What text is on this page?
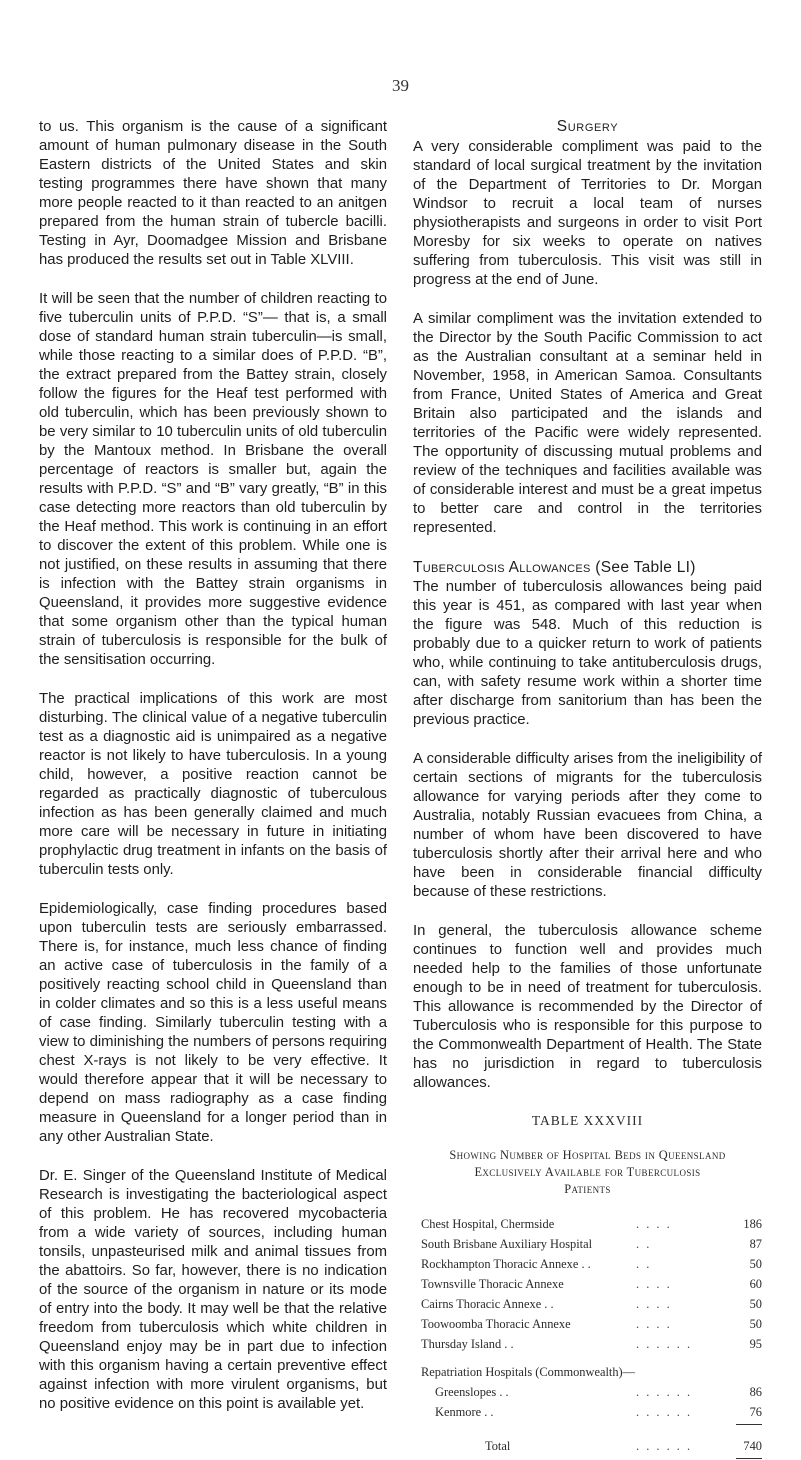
39

to us. This organism is the cause of a significant amount of human pulmonary disease in the South Eastern districts of the United States and skin testing programmes there have shown that many more people reacted to it than reacted to an anitgen prepared from the human strain of tubercle bacilli. Testing in Ayr, Doomadgee Mission and Brisbane has produced the results set out in Table XLVIII.

It will be seen that the number of children reacting to five tuberculin units of P.P.D. “S”— that is, a small dose of standard human strain tuberculin—is small, while those reacting to a similar does of P.P.D. “B”, the extract prepared from the Battey strain, closely follow the figures for the Heaf test performed with old tuberculin, which has been previously shown to be very similar to 10 tuberculin units of old tuberculin by the Mantoux method. In Brisbane the overall percentage of reactors is smaller but, again the results with P.P.D. “S” and “B” vary greatly, “B” in this case detecting more reactors than old tuberculin by the Heaf method. This work is continuing in an effort to discover the extent of this problem. While one is not justified, on these results in assuming that there is infection with the Battey strain organisms in Queensland, it provides more suggestive evidence that some organism other than the typical human strain of tuberculosis is responsible for the bulk of the sensitisation occurring.

The practical implications of this work are most disturbing. The clinical value of a negative tuberculin test as a diagnostic aid is unimpaired as a negative reactor is not likely to have tuberculosis. In a young child, however, a positive reaction cannot be regarded as practically diagnostic of tuberculous infection as has been generally claimed and much more care will be necessary in future in initiating prophylactic drug treatment in infants on the basis of tuberculin tests only.

Epidemiologically, case finding procedures based upon tuberculin tests are seriously embarrassed. There is, for instance, much less chance of finding an active case of tuberculosis in the family of a positively reacting school child in Queensland than in colder climates and so this is a less useful means of case finding. Similarly tuberculin testing with a view to diminishing the numbers of persons requiring chest X-rays is not likely to be very effective. It would therefore appear that it will be necessary to depend on mass radiography as a case finding measure in Queensland for a longer period than in any other Australian State.

Dr. E. Singer of the Queensland Institute of Medical Research is investigating the bacteriological aspect of this problem. He has recovered mycobacteria from a wide variety of sources, including human tonsils, unpasteurised milk and animal tissues from the abattoirs. So far, however, there is no indication of the source of the organism in nature or its mode of entry into the body. It may well be that the relative freedom from tuberculosis which white children in Queensland enjoy may be in part due to infection with this organism having a certain preventive effect against infection with more virulent organisms, but no positive evidence on this point is available yet.

Surgery

A very considerable compliment was paid to the standard of local surgical treatment by the invitation of the Department of Territories to Dr. Morgan Windsor to recruit a local team of nurses physiotherapists and surgeons in order to visit Port Moresby for six weeks to operate on natives suffering from tuberculosis. This visit was still in progress at the end of June.

A similar compliment was the invitation extended to the Director by the South Pacific Commission to act as the Australian consultant at a seminar held in November, 1958, in American Samoa. Consultants from France, United States of America and Great Britain also participated and the islands and territories of the Pacific were widely represented. The opportunity of discussing mutual problems and review of the techniques and facilities available was of considerable interest and must be a great impetus to better care and control in the territories represented.

Tuberculosis Allowances (See Table LI)

The number of tuberculosis allowances being paid this year is 451, as compared with last year when the figure was 548. Much of this reduction is probably due to a quicker return to work of patients who, while continuing to take antituberculosis drugs, can, with safety resume work within a shorter time after discharge from sanitorium than has been the previous practice.

A considerable difficulty arises from the ineligibility of certain sections of migrants for the tuberculosis allowance for varying periods after they come to Australia, notably Russian evacuees from China, a number of whom have been discovered to have tuberculosis shortly after their arrival here and who have been in considerable financial difficulty because of these restrictions.

In general, the tuberculosis allowance scheme continues to function well and provides much needed help to the families of those unfortunate enough to be in need of treatment for tuberculosis. This allowance is recommended by the Director of Tuberculosis who is responsible for this purpose to the Commonwealth Department of Health. The State has no jurisdiction in regard to tuberculosis allowances.

TABLE XXXVIII
Showing Number of Hospital Beds in Queensland
Exclusively Available for Tuberculosis
Patients
Chest Hospital, Chermside	. . . .	186
South Brisbane Auxiliary Hospital	. .	87
Rockhampton Thoracic Annexe . .	. .	50
Townsville Thoracic Annexe	. . . .	60
Cairns Thoracic Annexe . .	. . . .	50
Toowoomba Thoracic Annexe	. . . .	50
Thursday Island . .	. . . . . .	95
Repatriation Hospitals (Commonwealth)—
Greenslopes . .	. . . . . .	86
Kenmore . .	. . . . . .	76
Total	. . . . . .	740
